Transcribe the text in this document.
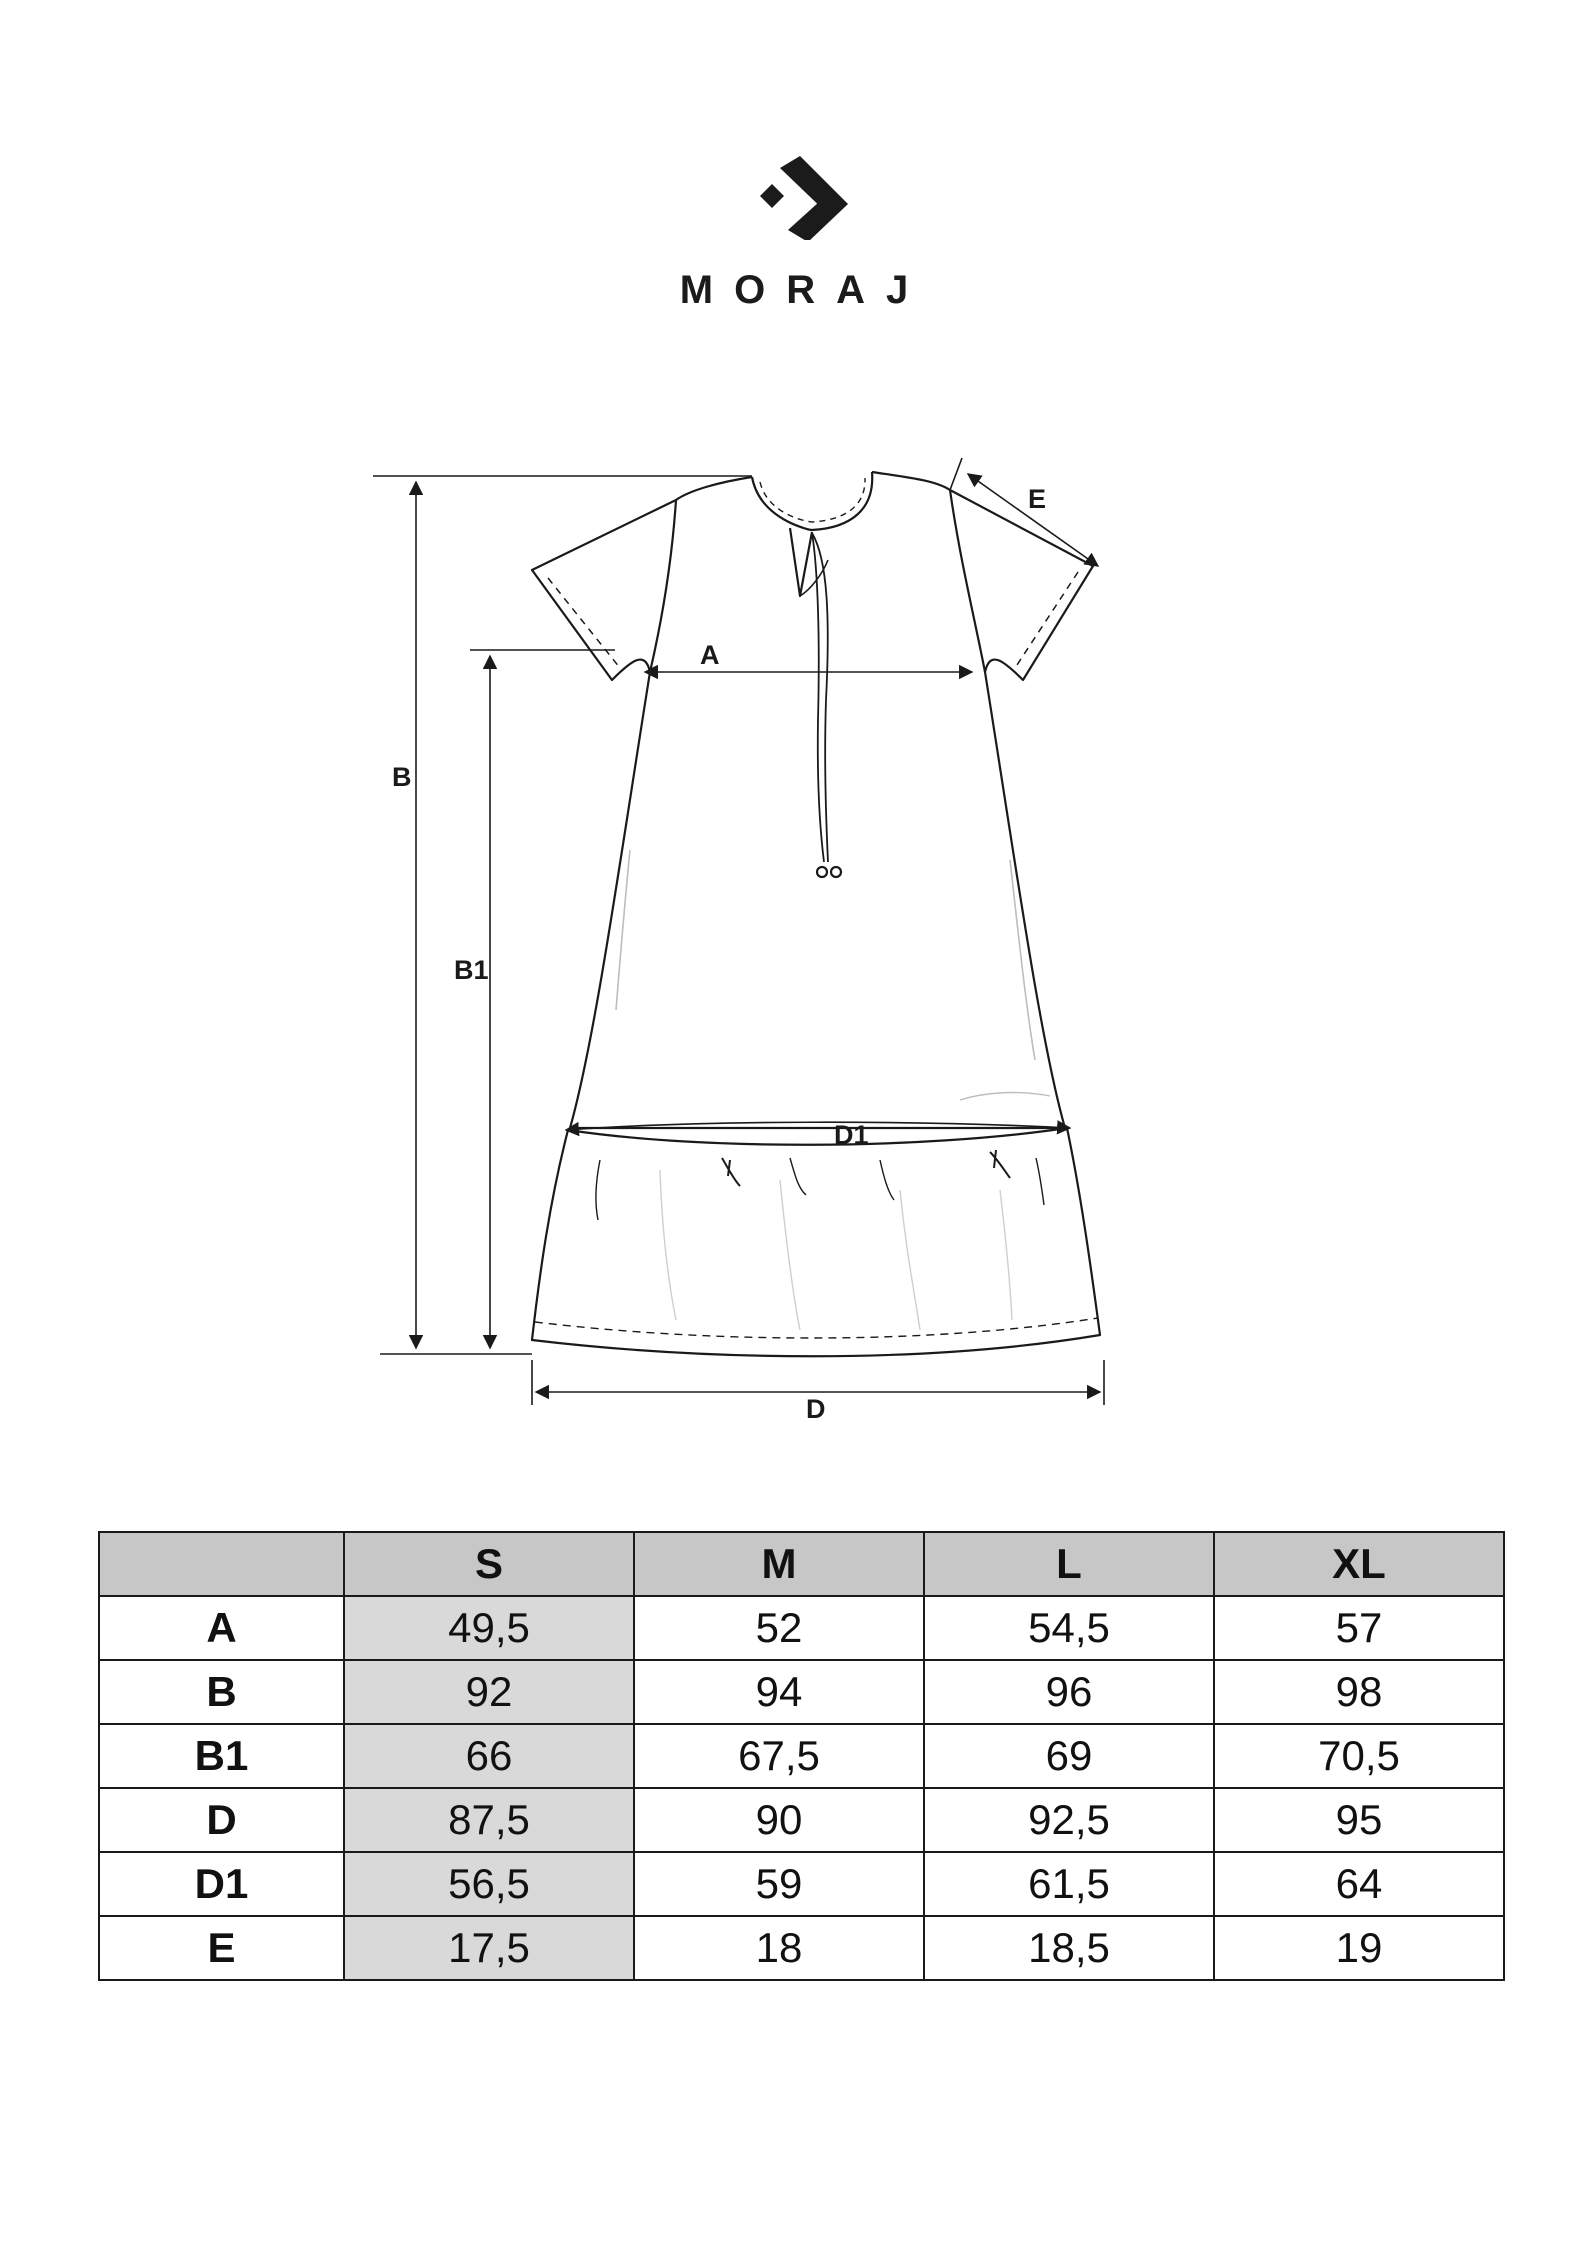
MORAJ
B
B1
A
D1
D
E
	S	M	L	XL
A	49,5	52	54,5	57
B	92	94	96	98
B1	66	67,5	69	70,5
D	87,5	90	92,5	95
D1	56,5	59	61,5	64
E	17,5	18	18,5	19
